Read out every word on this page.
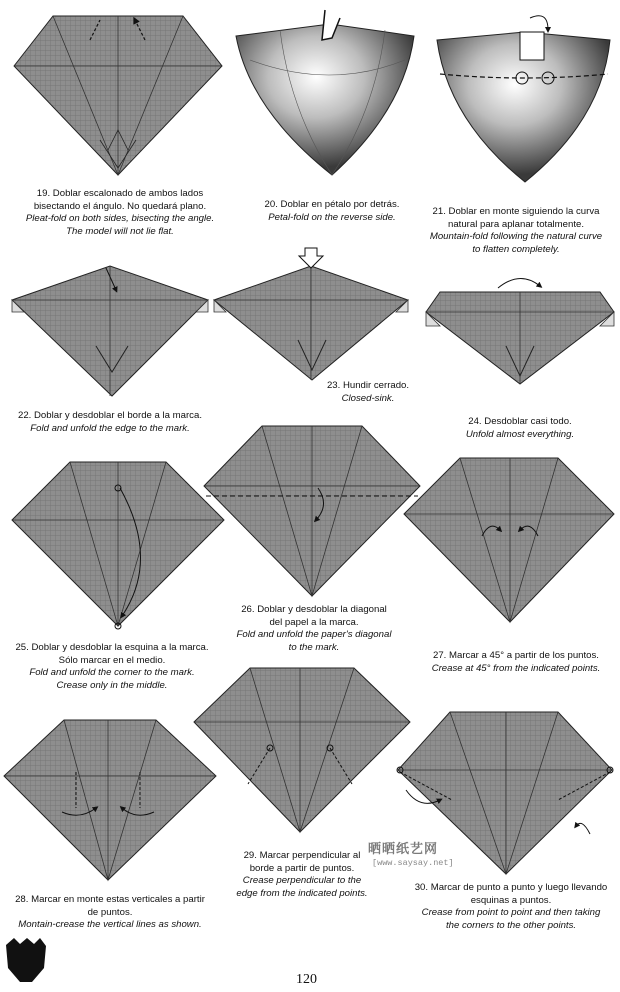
19. Doblar escalonado de ambos lados
bisectando el ángulo. No quedará plano.
Pleat-fold on both sides, bisecting the angle.
The model will not lie flat.
20. Doblar en pétalo por detrás.
Petal-fold on the reverse side.
21. Doblar en monte siguiendo la curva
natural para aplanar totalmente.
Mountain-fold following the natural curve
to flatten completely.
22. Doblar y desdoblar el borde a la marca.
Fold and unfold the edge to the mark.
23. Hundir cerrado.
Closed-sink.
24. Desdoblar casi todo.
Unfold almost everything.
25. Doblar y desdoblar la esquina a la marca.
Sólo marcar en el medio.
Fold and unfold the corner to the mark.
Crease only in the middle.
26. Doblar y desdoblar la diagonal
del papel a la marca.
Fold and unfold the paper's diagonal
to the mark.
27. Marcar a 45° a partir de los puntos.
Crease at 45° from the indicated points.
28. Marcar en monte estas verticales a partir
de puntos.
Montain-crease the vertical lines as shown.
29. Marcar perpendicular al
borde a partir de puntos.
Crease perpendicular to the
edge from the indicated points.
30. Marcar de punto a punto y luego llevando
esquinas a puntos.
Crease from point to point and then taking
the corners to the other points.
晒晒纸艺网
[www.saysay.net]
120
